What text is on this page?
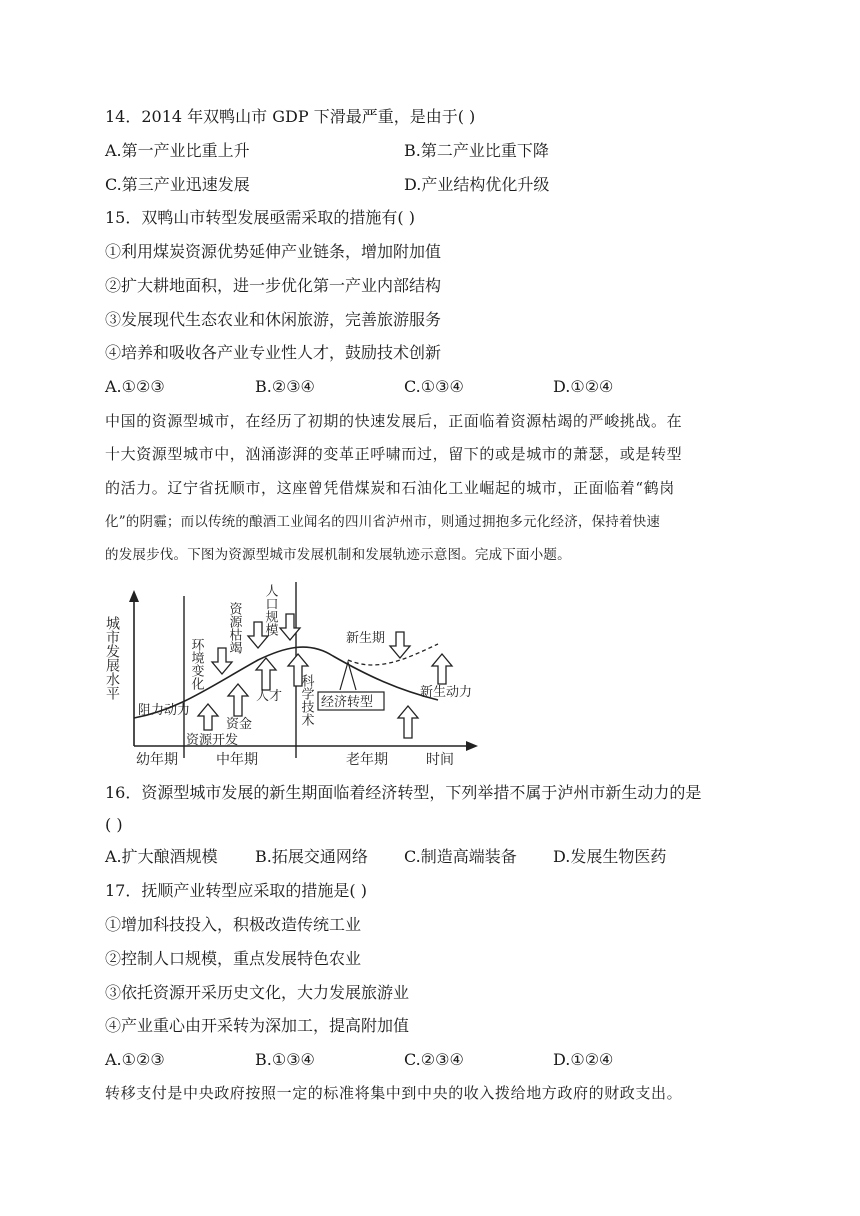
14．2014 年双鸭山市 GDP 下滑最严重，是由于( )
A.第一产业比重上升	B.第二产业比重下降
C.第三产业迅速发展	D.产业结构优化升级
15．双鸭山市转型发展亟需采取的措施有( )
①利用煤炭资源优势延伸产业链条，增加附加值
②扩大耕地面积，进一步优化第一产业内部结构
③发展现代生态农业和休闲旅游，完善旅游服务
④培养和吸收各产业专业性人才，鼓励技术创新
A.①②③	B.②③④	C.①③④	D.①②④
中国的资源型城市，在经历了初期的快速发展后，正面临着资源枯竭的严峻挑战。在
十大资源型城市中，汹涌澎湃的变革正呼啸而过，留下的或是城市的萧瑟，或是转型
的活力。辽宁省抚顺市，这座曾凭借煤炭和石油化工业崛起的城市，正面临着“鹤岗
化”的阴霾；而以传统的酿酒工业闻名的四川省泸州市，则通过拥抱多元化经济，保持着快速
的发展步伐。下图为资源型城市发展机制和发展轨迹示意图。完成下面小题。
城市发展水平
幼年期	中年期	老年期	时间
阻力动力
经济转型
资源开发
资金
人才
环境变化
资源枯竭 人口规模
科学技术
新生期
新生动力
16．资源型城市发展的新生期面临着经济转型，下列举措不属于泸州市新生动力的是
( )
A.扩大酿酒规模 B.拓展交通网络 C.制造高端装备 D.发展生物医药
17．抚顺产业转型应采取的措施是( )
①增加科技投入，积极改造传统工业
②控制人口规模，重点发展特色农业
③依托资源开采历史文化，大力发展旅游业
④产业重心由开采转为深加工，提高附加值
A.①②③	B.①③④	C.②③④	D.①②④
转移支付是中央政府按照一定的标准将集中到中央的收入拨给地方政府的财政支出。
